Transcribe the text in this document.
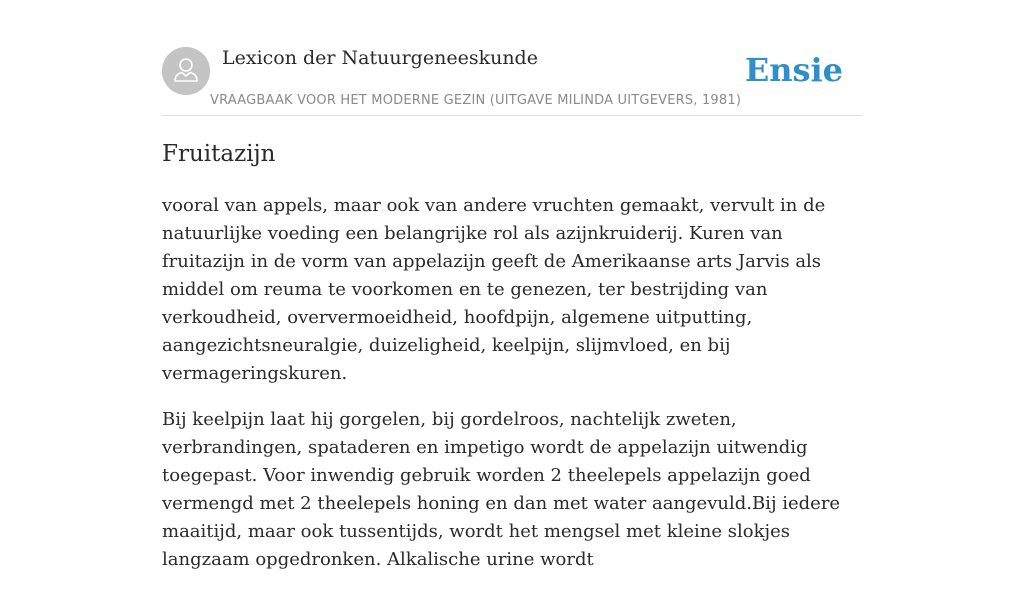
Lexicon der Natuurgeneeskunde
VRAAGBAAK VOOR HET MODERNE GEZIN (UITGAVE MILINDA UITGEVERS, 1981)
Ensie
Fruitazijn

vooral van appels, maar ook van andere vruchten gemaakt, vervult in de natuurlijke voeding een belangrijke rol als azijnkruiderij. Kuren van fruitazijn in de vorm van appelazijn geeft de Amerikaanse arts Jarvis als middel om reuma te voorkomen en te genezen, ter bestrijding van verkoudheid, oververmoeidheid, hoofdpijn, algemene uitputting, aangezichtsneuralgie, duizeligheid, keelpijn, slijmvloed, en bij vermageringskuren.

Bij keelpijn laat hij gorgelen, bij gordelroos, nachtelijk zweten, verbrandingen, spataderen en impetigo wordt de appelazijn uitwendig toegepast. Voor inwendig gebruik worden 2 theelepels appelazijn goed vermengd met 2 theelepels honing en dan met water aangevuld.Bij iedere maaitijd, maar ook tussentijds, wordt het mengsel met kleine slokjes langzaam opgedronken. Alkalische urine wordt
